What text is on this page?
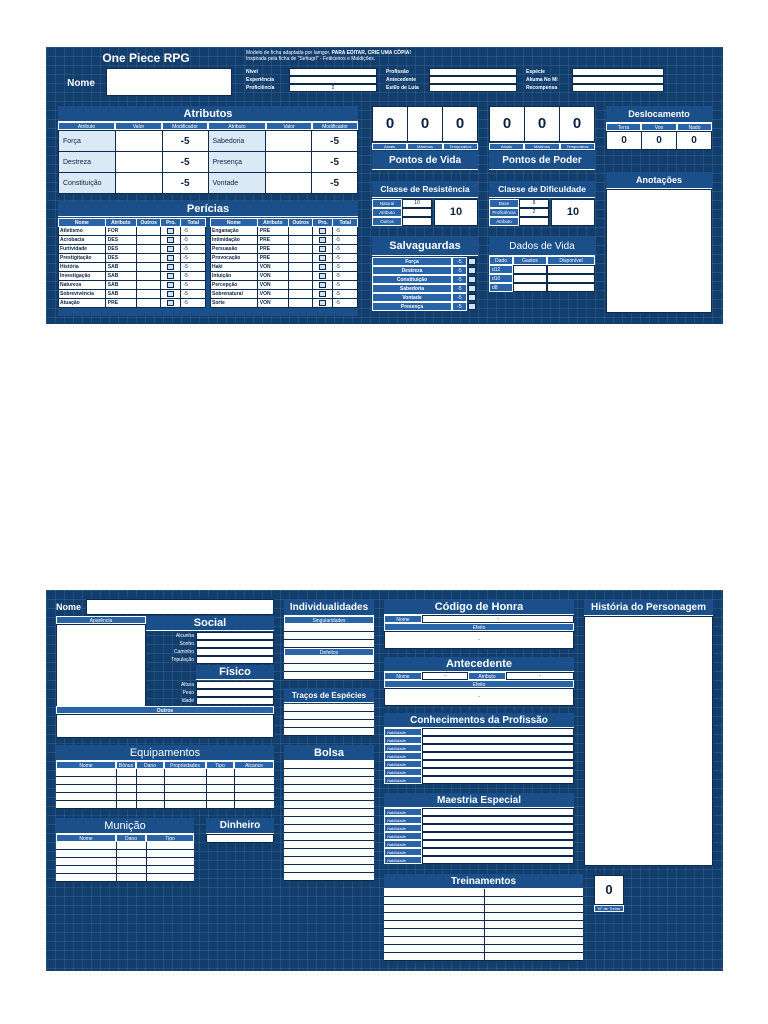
One Piece RPG	Modelo de ficha adaptada por Iamgor. PARA EDITAR, CRIE UMA CÓPIA!
Inspirada pela ficha de "Sehugrl" - Feiticeiros e Maldições.
Nome
Nível
Experiência
Proficiência	2
Profissão
Antecedente
Estilo de Luta
Espécie
Akuma No Mi
Recompensa
Atributos
Atributo	Valor	Modificador	Atributo	Valor	Modificador
Força		-5	Sabedoria		-5
Destreza		-5	Presença		-5
Constituição		-5	Vontade		-5
Perícias
Nome	Atributo	Outros	Pro.	Total
Atletismo	FOR			-5
Acrobacia	DES			-5
Furtividade	DES			-5
Prestigitação	DES			-5
História	SAB			-5
Investigação	SAB			-5
Natureza	SAB			-5
Sobrevivência	SAB			-5
Atuação	PRE			-5
Nome	Atributo	Outros	Pro.	Total
Enganação	PRE			-5
Intimidação	PRE			-5
Persuasão	PRE			-5
Provocação	PRE			-5
Haki	VON			-5
Intuição	VON			-5
Percepção	VON			-5
Sobrenatural	VON			-5
Sorte	VON			-5
0	0	0
Atuais	Máximos	Temporários
Pontos de Vida
0	0	0
Atuais	Máximos	Temporários
Pontos de Poder
Deslocamento
Terra	Voo	Nado
0	0	0
Anotações
Classe de Resistência
Natural	10
Atributo
Outros
10
Classe de Dificuldade
Base	8
Proficiência	2
Atributo
10
Salvaguardas
Força	-5
Destreza	-5
Constituição	-5
Sabedoria	-5
Vontade	-5
Presença	-5
Dados de Vida
Dado	Gastos	Disponível
d12
d10
d8
Nome
Aparência	Social
Alcunha
Sonho
Caminho
Tripulação
Físico
Altura
Peso
Idade
Outros
Equipamentos
Nome	Bônus	Dano	Propriedades	Tipo	Alcance
Munição
Nome	Dano	Tipo
Dinheiro
Individualidades
Singularidades
Defeitos
Traços de Espécies
Bolsa
Código de Honra
Nome	-
Efeito
-
Antecedente
Nome	-	Atributo	-
Efeito
-
Conhecimentos da Profissão
Habilidade
Habilidade
Habilidade
Habilidade
Habilidade
Habilidade
Habilidade
Maestria Especial
Habilidade
Habilidade
Habilidade
Habilidade
Habilidade
Habilidade
Habilidade
Treinamentos
0
N° de Treino
História do Personagem
